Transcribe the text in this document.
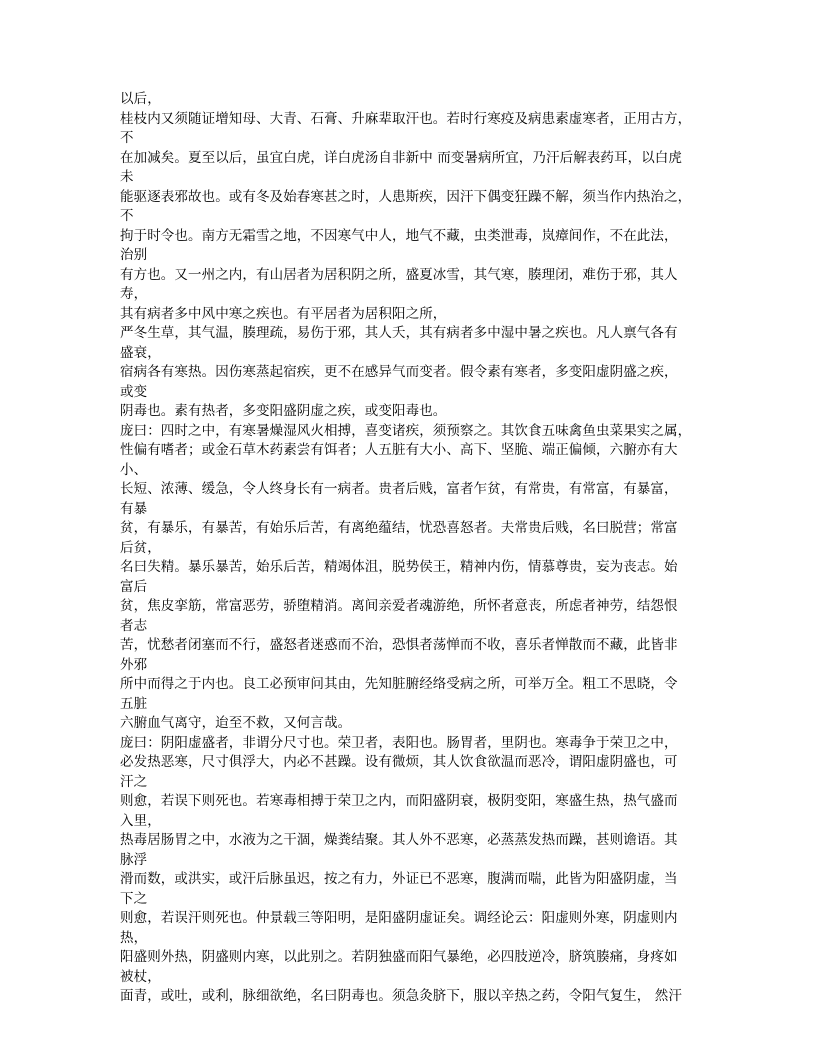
以后，
桂枝内又须随证增知母、大青、石膏、升麻辈取汗也。若时行寒疫及病患素虚寒者，正用古方，
不
在加减矣。夏至以后，虽宜白虎，详白虎汤自非新中 而变暑病所宜，乃汗后解表药耳，以白虎
未
能驱逐表邪故也。或有冬及始春寒甚之时，人患斯疾，因汗下偶变狂躁不解，须当作内热治之，
不
拘于时令也。南方无霜雪之地，不因寒气中人，地气不藏，虫类泄毒，岚瘴间作，不在此法，
治别
有方也。又一州之内，有山居者为居积阴之所，盛夏冰雪，其气寒，腠理闭，难伤于邪，其人
寿，
其有病者多中风中寒之疾也。有平居者为居积阳之所，
严冬生草，其气温，腠理疏，易伤于邪，其人夭，其有病者多中湿中暑之疾也。凡人禀气各有
盛衰，
宿病各有寒热。因伤寒蒸起宿疾，更不在感异气而变者。假令素有寒者，多变阳虚阴盛之疾，
或变
阴毒也。素有热者，多变阳盛阴虚之疾，或变阳毒也。
庞曰：四时之中，有寒暑燥湿风火相搏，喜变诸疾，须预察之。其饮食五味禽鱼虫菜果实之属，
性偏有嗜者；或金石草木药素尝有饵者；人五脏有大小、高下、坚脆、端正偏倾，六腑亦有大
小、
长短、浓薄、缓急，令人终身长有一病者。贵者后贱，富者乍贫，有常贵，有常富，有暴富，
有暴
贫，有暴乐，有暴苦，有始乐后苦，有离绝蕴结，忧恐喜怒者。夫常贵后贱，名曰脱营；常富
后贫，
名曰失精。暴乐暴苦，始乐后苦，精竭体沮，脱势侯王，精神内伤，情慕尊贵，妄为丧志。始
富后
贫，焦皮挛筋，常富恶劳，骄堕精消。离间亲爱者魂游绝，所怀者意丧，所虑者神劳，结怨恨
者志
苦，忧愁者闭塞而不行，盛怒者迷惑而不治，恐惧者荡惮而不收，喜乐者惮散而不藏，此皆非
外邪
所中而得之于内也。良工必预审问其由，先知脏腑经络受病之所，可举万全。粗工不思晓，令
五脏
六腑血气离守，迨至不救，又何言哉。
庞曰：阴阳虚盛者，非谓分尺寸也。荣卫者，表阳也。肠胃者，里阴也。寒毒争于荣卫之中，
必发热恶寒，尺寸俱浮大，内必不甚躁。设有微烦，其人饮食欲温而恶冷，谓阳虚阴盛也，可
汗之
则愈，若误下则死也。若寒毒相搏于荣卫之内，而阳盛阴衰，极阴变阳，寒盛生热，热气盛而
入里，
热毒居肠胃之中，水液为之干涸，燥粪结聚。其人外不恶寒，必蒸蒸发热而躁，甚则谵语。其
脉浮
滑而数，或洪实，或汗后脉虽迟，按之有力，外证已不恶寒，腹满而喘，此皆为阳盛阴虚，当
下之
则愈，若误汗则死也。仲景载三等阳明，是阳盛阴虚证矣。调经论云：阳虚则外寒，阴虚则内
热，
阳盛则外热，阴盛则内寒，以此别之。若阴独盛而阳气暴绝，必四肢逆冷，脐筑腠痛，身疼如
被杖，
面青，或吐，或利，脉细欲绝，名曰阴毒也。须急灸脐下，服以辛热之药，令阳气复生， 然汗
